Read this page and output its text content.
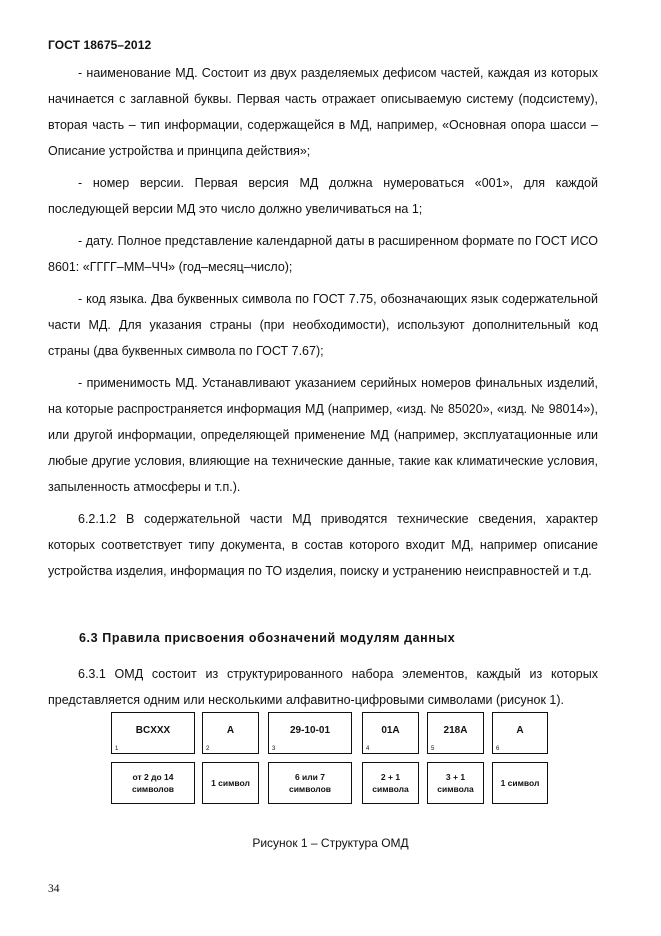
ГОСТ 18675–2012

- наименование МД. Состоит из двух разделяемых дефисом частей, каждая из которых начинается с заглавной буквы. Первая часть отражает описываемую систему (подсистему), вторая часть – тип информации, содержащейся в МД, например, «Основная опора шасси – Описание устройства и принципа действия»;

- номер версии. Первая версия МД должна нумероваться «001», для каждой последующей версии МД это число должно увеличиваться на 1;

- дату. Полное представление календарной даты в расширенном формате по ГОСТ ИСО 8601: «ГГГГ–ММ–ЧЧ» (год–месяц–число);

- код языка. Два буквенных символа по ГОСТ 7.75, обозначающих язык содержательной части МД. Для указания страны (при необходимости), используют дополнительный код страны (два буквенных символа по ГОСТ 7.67);

- применимость МД. Устанавливают указанием серийных номеров финальных изделий, на которые распространяется информация МД (например, «изд. № 85020», «изд. № 98014»), или другой информации, определяющей применение МД (например, эксплуатационные или любые другие условия, влияющие на технические данные, такие как климатические условия, запыленность атмосферы и т.п.).

6.2.1.2 В содержательной части МД приводятся технические сведения, характер которых соответствует типу документа, в состав которого входит МД, например описание устройства изделия, информация по ТО изделия, поиску и устранению неисправностей и т.д.

6.3 Правила присвоения обозначений модулям данных

6.3.1 ОМД состоит из структурированного набора элементов, каждый из которых представляется одним или несколькими алфавитно-цифровыми символами (рисунок 1).

BCXXX
1
A
2
29-10-01
3
01A
4
218A
5
A
6
от 2 до 14
символов
1 символ
6 или 7
символов
2 + 1
символа
3 + 1
символа
1 символ
Рисунок 1 – Структура ОМД
34
